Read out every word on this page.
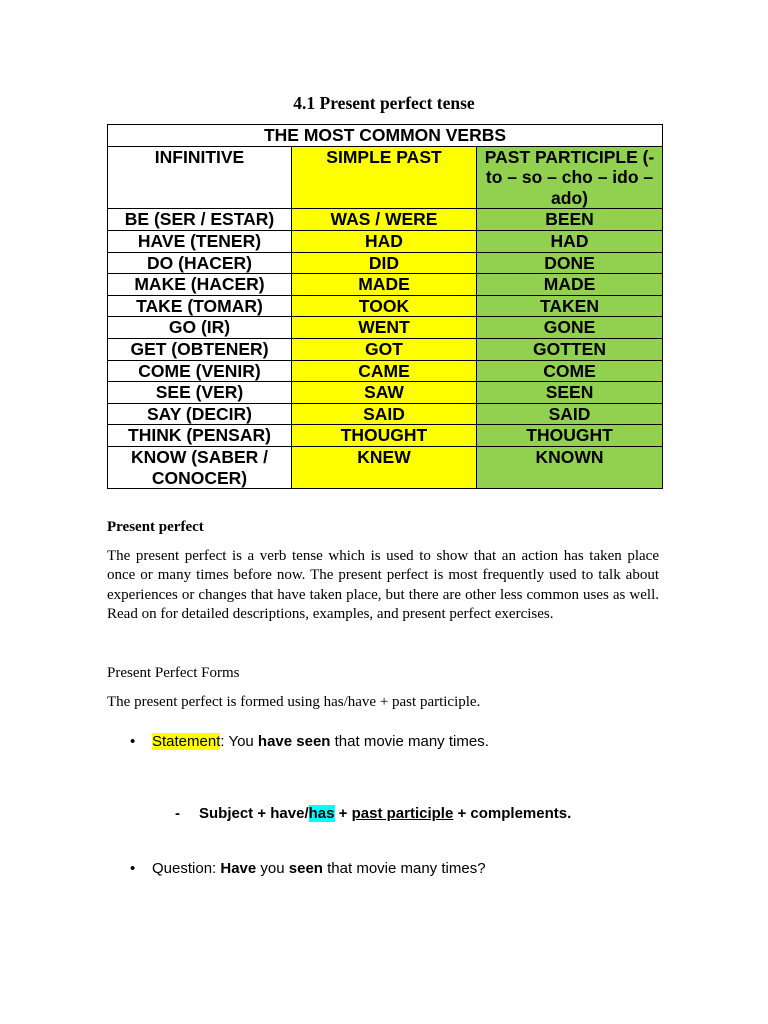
4.1 Present perfect tense
THE MOST COMMON VERBS		
INFINITIVE	SIMPLE PAST	PAST PARTICIPLE (-to – so – cho – ido – ado)
BE (SER / ESTAR)	WAS / WERE	BEEN
HAVE (TENER)	HAD	HAD
DO (HACER)	DID	DONE
MAKE (HACER)	MADE	MADE
TAKE (TOMAR)	TOOK	TAKEN
GO (IR)	WENT	GONE
GET (OBTENER)	GOT	GOTTEN
COME (VENIR)	CAME	COME
SEE (VER)	SAW	SEEN
SAY (DECIR)	SAID	SAID
THINK (PENSAR)	THOUGHT	THOUGHT
KNOW (SABER / CONOCER)	KNEW	KNOWN
Present perfect
The present perfect is a verb tense which is used to show that an action has taken place once or many times before now. The present perfect is most frequently used to talk about experiences or changes that have taken place, but there are other less common uses as well. Read on for detailed descriptions, examples, and present perfect exercises.
Present Perfect Forms
The present perfect is formed using has/have + past participle.
• Statement: You have seen that movie many times.
- Subject + have/has + past participle + complements.
• Question: Have you seen that movie many times?
